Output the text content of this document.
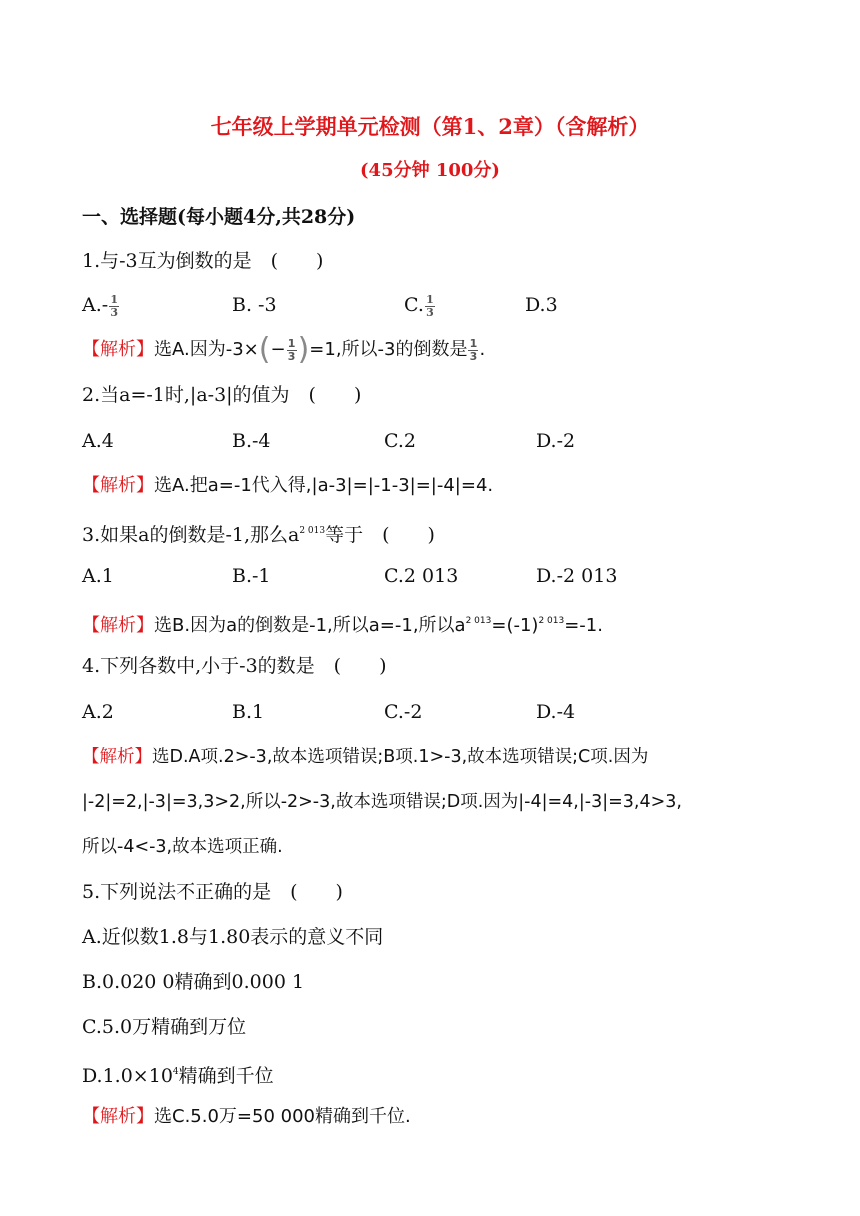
七年级上学期单元检测（第1、2章）（含解析）
(45分钟 100分)
一、选择题(每小题4分,共28分)
1.与-3互为倒数的是　(　　)
$A.- \frac{1}{3}$	B. -3	C. $\frac{1}{3}$	D.3
【解析】选A.因为$-3\times(- \frac{1}{3} )=1$,所以-3的倒数是 $\frac{1}{3}$ .
2.当a=-1时,|a-3|的值为　(　　)
A.4	B.-4	C.2	D.-2
【解析】选A.把a=-1代入得,|a-3|=|-1-3|=|-4|=4.
3.如果a的倒数是-1,那么$a^{2 013}$等于　(　　)
A.1	B.-1	C.2 013	D.-2 013
【解析】选B.因为a的倒数是-1,所以a=-1,所以$a^{2 013}=(-1)^{2 013}=-1$.
4.下列各数中,小于-3的数是　(　　)
A.2	B.1	C.-2	D.-4
【解析】选D.A项.2>-3,故本选项错误;B项.1>-3,故本选项错误;C项.因为
|-2|=2,|-3|=3,3>2,所以-2>-3,故本选项错误;D项.因为|-4|=4,|-3|=3,4>3,
所以-4<-3,故本选项正确.
5.下列说法不正确的是　(　　)
A.近似数1.8与1.80表示的意义不同
B.0.020 0精确到0.000 1
C.5.0万精确到万位
$D.1.0\times 10^4$精确到千位
【解析】选C.5.0万=50 000精确到千位.
